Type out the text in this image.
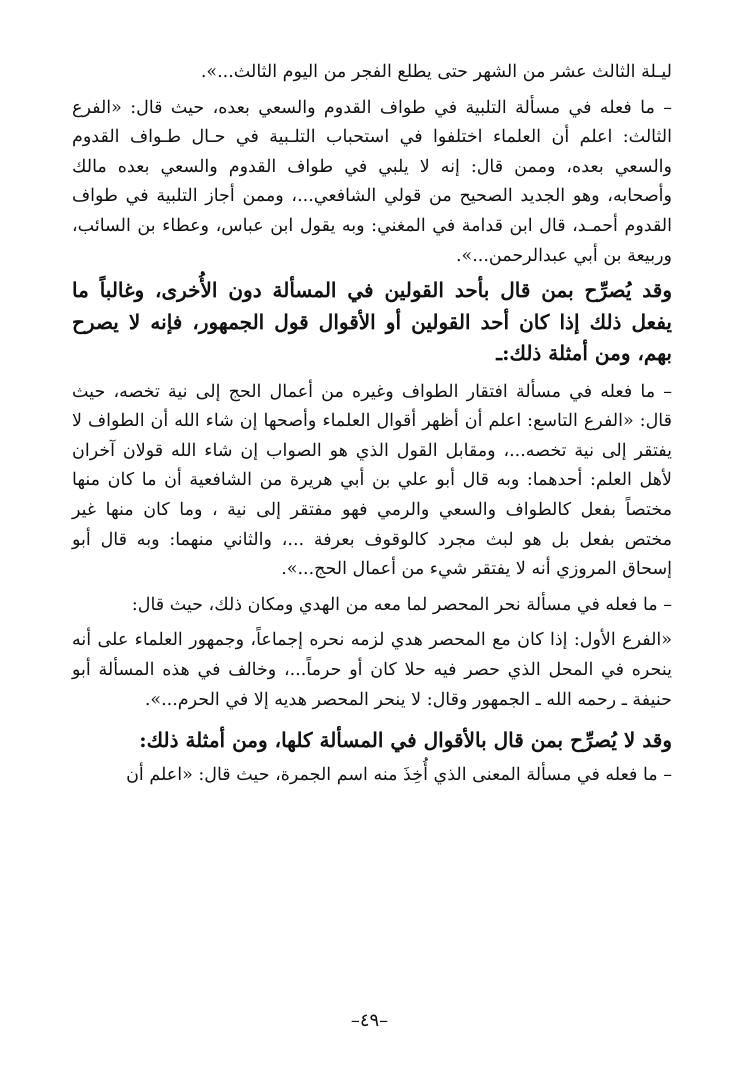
ليـلة الثالث عشر من الشهر حتى يطلع الفجر من اليوم الثالث...».

– ما فعله في مسألة التلبية في طواف القدوم والسعي بعده، حيث قال: «الفرع الثالث: اعلم أن العلماء اختلفوا في استحباب التلـبية في حـال طـواف القدوم والسعي بعده، وممن قال: إنه لا يلبي في طواف القدوم والسعي بعده مالك وأصحابه، وهو الجديد الصحيح من قولي الشافعي...، وممن أجاز التلبية في طواف القدوم أحمـد، قال ابن قدامة في المغني: وبه يقول ابن عباس، وعطاء بن السائب، وربيعة بن أبي عبدالرحمن...».

وقد يُصرِّح بمن قال بأحد القولين في المسألة دون الأُخرى، وغالباً ما يفعل ذلك إذا كان أحد القولين أو الأقوال قول الجمهور، فإنه لا يصرح بهم، ومن أمثلة ذلك:ـ

– ما فعله في مسألة افتقار الطواف وغيره من أعمال الحج إلى نية تخصه، حيث قال: «الفرع التاسع: اعلم أن أظهر أقوال العلماء وأصحها إن شاء الله أن الطواف لا يفتقر إلى نية تخصه...، ومقابل القول الذي هو الصواب إن شاء الله قولان آخران لأهل العلم: أحدهما: وبه قال أبو علي بن أبي هريرة من الشافعية أن ما كان منها مختصاً بفعل كالطواف والسعي والرمي فهو مفتقر إلى نية ، وما كان منها غير مختص بفعل بل هو لبث مجرد كالوقوف بعرفة ...، والثاني منهما: وبه قال أبو إسحاق المروزي أنه لا يفتقر شيء من أعمال الحج...».

– ما فعله في مسألة نحر المحصر لما معه من الهدي ومكان ذلك، حيث قال:

«الفرع الأول: إذا كان مع المحصر هدي لزمه نحره إجماعاً، وجمهور العلماء على أنه ينحره في المحل الذي حصر فيه حلا كان أو حرماً...، وخالف في هذه المسألة أبو حنيفة ـ رحمه الله ـ الجمهور وقال: لا ينحر المحصر هديه إلا في الحرم...».

وقد لا يُصرِّح بمن قال بالأقوال في المسألة كلها، ومن أمثلة ذلك:

– ما فعله في مسألة المعنى الذي أُخِذَ منه اسم الجمرة، حيث قال: «اعلم أن

–٤٩–
